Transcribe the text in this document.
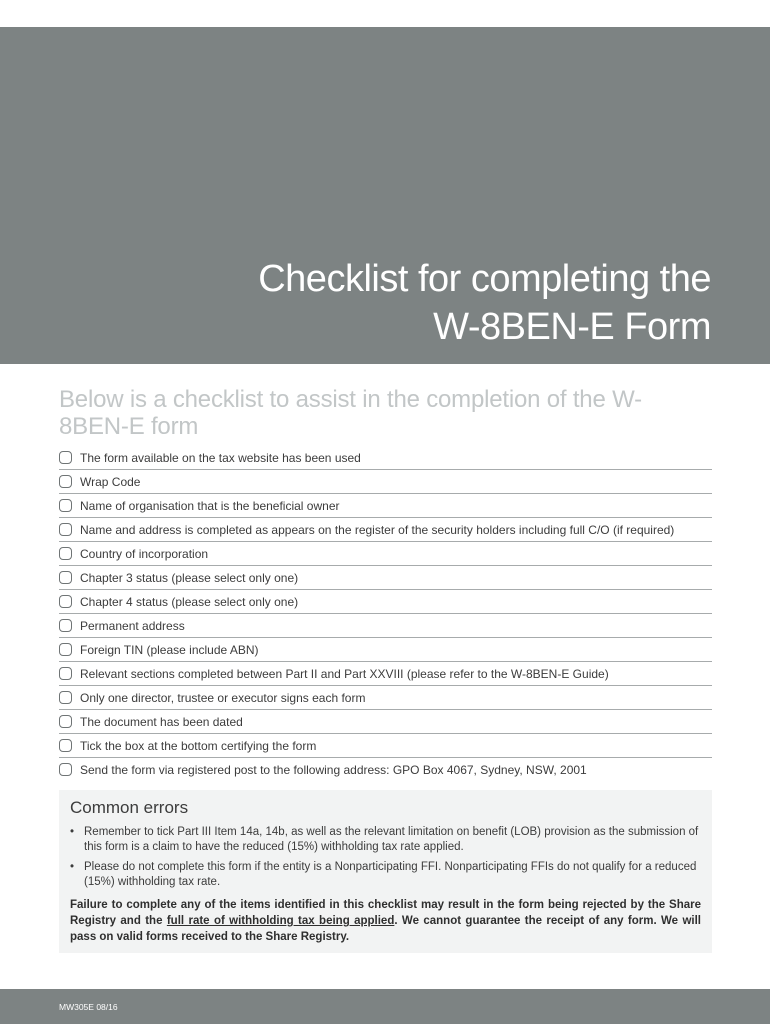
Checklist for completing the
W-8BEN-E Form

Below is a checklist to assist in the completion of the W-8BEN-E form

The form available on the tax website has been used
Wrap Code
Name of organisation that is the beneficial owner
Name and address is completed as appears on the register of the security holders including full C/O (if required)
Country of incorporation
Chapter 3 status (please select only one)
Chapter 4 status (please select only one)
Permanent address
Foreign TIN (please include ABN)
Relevant sections completed between Part II and Part XXVIII (please refer to the W-8BEN-E Guide)
Only one director, trustee or executor signs each form
The document has been dated
Tick the box at the bottom certifying the form
Send the form via registered post to the following address: GPO Box 4067, Sydney, NSW, 2001
Common errors
• Remember to tick Part III Item 14a, 14b, as well as the relevant limitation on benefit (LOB) provision as the submission of this form is a claim to have the reduced (15%) withholding tax rate applied.
• Please do not complete this form if the entity is a Nonparticipating FFI. Nonparticipating FFIs do not qualify for a reduced (15%) withholding tax rate.

Failure to complete any of the items identified in this checklist may result in the form being rejected by the Share Registry and the full rate of withholding tax being applied. We cannot guarantee the receipt of any form. We will pass on valid forms received to the Share Registry.

MW305E 08/16
